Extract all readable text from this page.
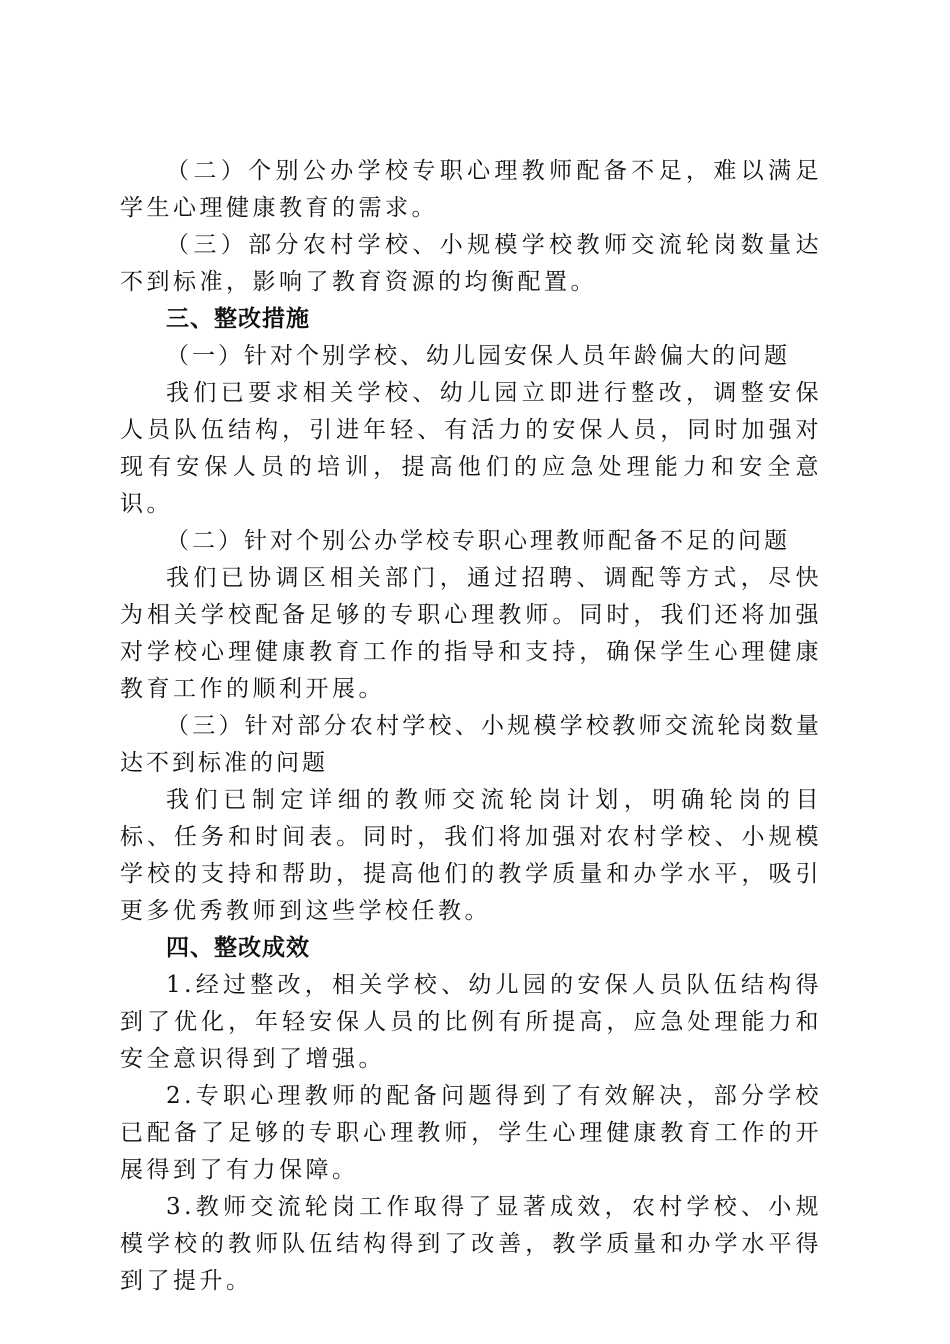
（二）个别公办学校专职心理教师配备不足，难以满足学生心理健康教育的需求。

（三）部分农村学校、小规模学校教师交流轮岗数量达不到标准，影响了教育资源的均衡配置。

三、整改措施

（一）针对个别学校、幼儿园安保人员年龄偏大的问题

我们已要求相关学校、幼儿园立即进行整改，调整安保人员队伍结构，引进年轻、有活力的安保人员，同时加强对现有安保人员的培训，提高他们的应急处理能力和安全意识。

（二）针对个别公办学校专职心理教师配备不足的问题

我们已协调区相关部门，通过招聘、调配等方式，尽快为相关学校配备足够的专职心理教师。同时，我们还将加强对学校心理健康教育工作的指导和支持，确保学生心理健康教育工作的顺利开展。

（三）针对部分农村学校、小规模学校教师交流轮岗数量达不到标准的问题

我们已制定详细的教师交流轮岗计划，明确轮岗的目标、任务和时间表。同时，我们将加强对农村学校、小规模学校的支持和帮助，提高他们的教学质量和办学水平，吸引更多优秀教师到这些学校任教。

四、整改成效

1.经过整改，相关学校、幼儿园的安保人员队伍结构得到了优化，年轻安保人员的比例有所提高，应急处理能力和安全意识得到了增强。

2.专职心理教师的配备问题得到了有效解决，部分学校已配备了足够的专职心理教师，学生心理健康教育工作的开展得到了有力保障。

3.教师交流轮岗工作取得了显著成效，农村学校、小规模学校的教师队伍结构得到了改善，教学质量和办学水平得到了提升。
